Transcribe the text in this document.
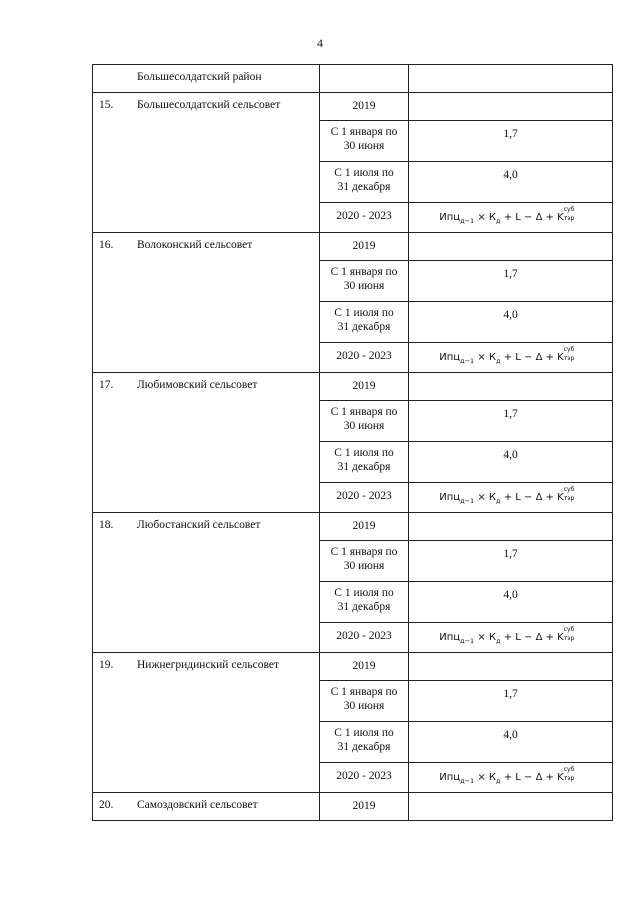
4
Большесолдатский район		

15. Большесолдатский сельсовет	2019	

	С 1 января по
30 июня	1,7

	С 1 июля по
31 декабря	4,0

	2020 - 2023	$Ипц_{д-1} \times К_д + L - \Delta + K$
суб
тэр

16. Волоконский сельсовет	2019	

	С 1 января по
30 июня	1,7

	С 1 июля по
31 декабря	4,0

	2020 - 2023	$Ипц_{д-1} \times К_д + L - \Delta + K$
суб
тэр

17. Любимовский сельсовет	2019	

	С 1 января по
30 июня	1,7

	С 1 июля по
31 декабря	4,0

	2020 - 2023	$Ипц_{д-1} \times К_д + L - \Delta + K$
суб
тэр

18. Любостанский сельсовет	2019	

	С 1 января по
30 июня	1,7

	С 1 июля по
31 декабря	4,0

	2020 - 2023	$Ипц_{д-1} \times К_д + L - \Delta + K$
суб
тэр

19. Нижнегридинский сельсовет	2019	

	С 1 января по
30 июня	1,7

	С 1 июля по
31 декабря	4,0

	2020 - 2023	$Ипц_{д-1} \times К_д + L - \Delta + K$
суб
тэр

20. Самоздовский сельсовет	2019	
